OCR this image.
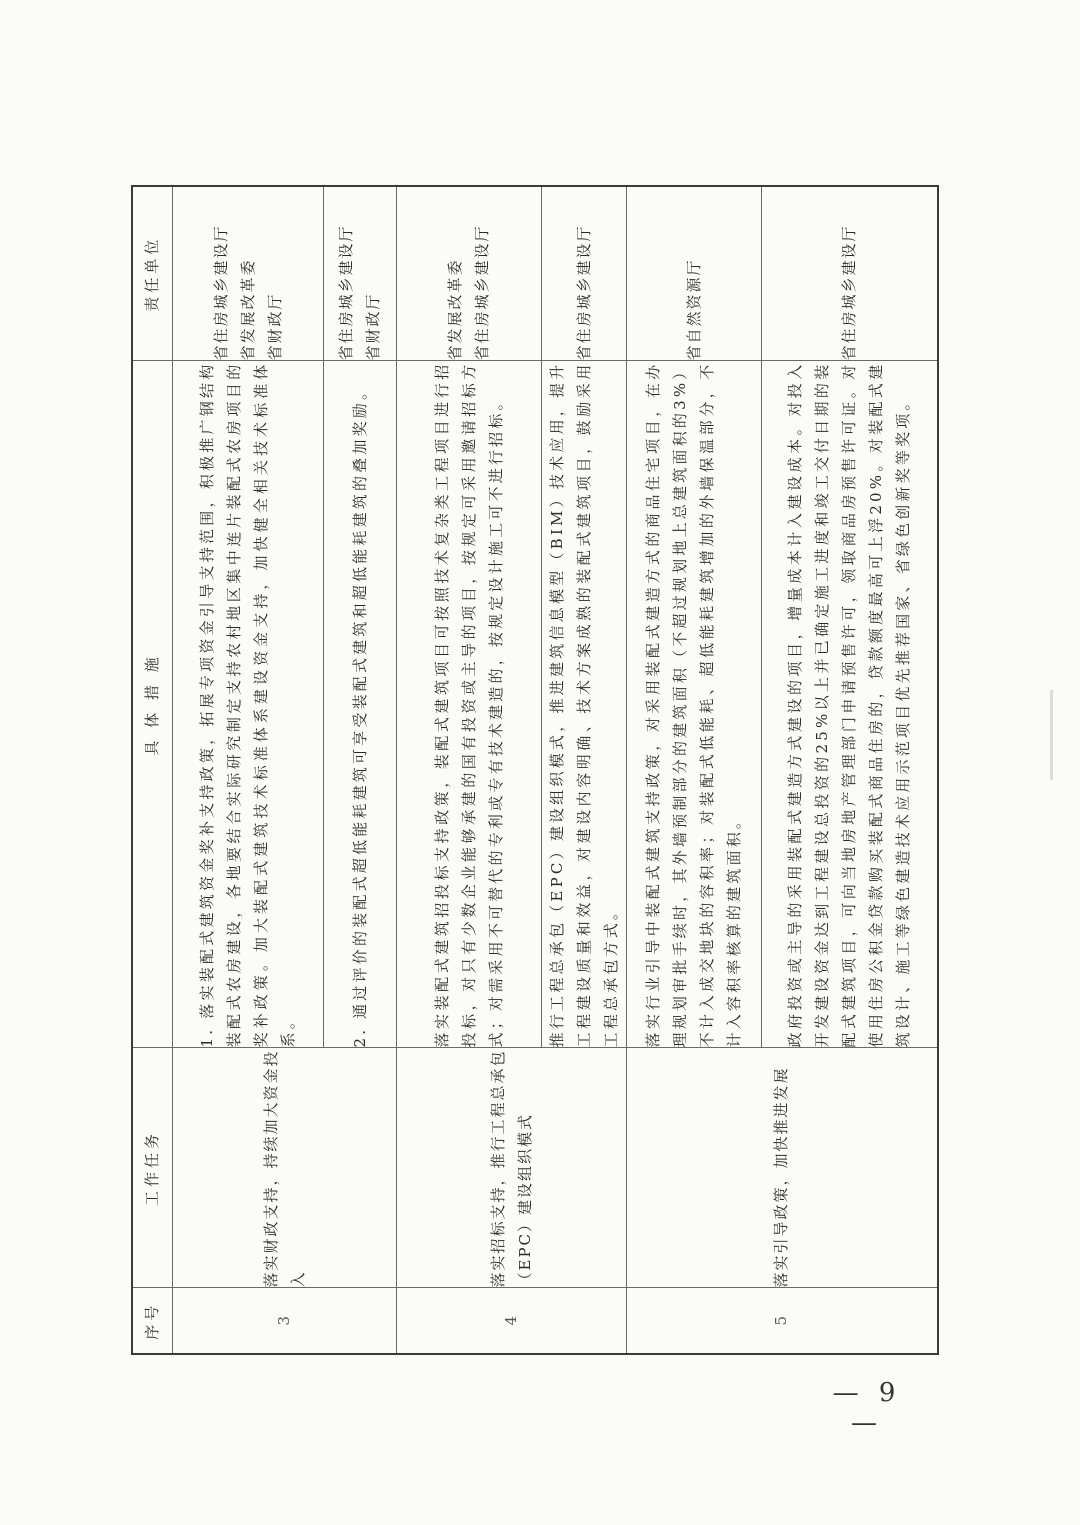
序号	工作任务	具 体 措 施	责任单位
3	落实财政支持，持续加大资金投入	1. 落实装配式建筑资金奖补支持政策，拓展专项资金引导支持范围，积极推广钢结构装配式农房建设，各地要结合实际研究制定支持农村地区集中连片装配式农房项目的奖补政策。加大装配式建筑技术标准体系建设资金支持，加快健全相关技术标准体系。	省住房城乡建设厅 省发展改革委 省财政厅

		2. 通过评价的装配式超低能耗建筑可享受装配式建筑和超低能耗建筑的叠加奖励。	省住房城乡建设厅 省财政厅

4	落实招标支持，推行工程总承包（EPC）建设组织模式	落实装配式建筑招投标支持政策，装配式建筑项目可按照技术复杂类工程项目进行招投标，对只有少数企业能够承建的国有投资或主导的项目，按规定可采用邀请招标方式；对需采用不可替代的专利或专有技术建造的，按规定设计施工可不进行招标。	省发展改革委 省住房城乡建设厅

		推行工程总承包（EPC）建设组织模式，推进建筑信息模型（BIM）技术应用，提升工程建设质量和效益，对建设内容明确、技术方案成熟的装配式建筑项目，鼓励采用工程总承包方式。	省住房城乡建设厅

5	落实引导政策，加快推进发展	落实行业引导中装配式建筑支持政策，对采用装配式建造方式的商品住宅项目，在办理规划审批手续时，其外墙预制部分的建筑面积（不超过规划地上总建筑面积的3%）不计入成交地块的容积率；对装配式低能耗、超低能耗建筑增加的外墙保温部分，不计入容积率核算的建筑面积。	省自然资源厅

		政府投资或主导的采用装配式建造方式建设的项目，增量成本计入建设成本。对投入开发建设资金达到工程建设总投资的25%以上并已确定施工进度和竣工交付日期的装配式建筑项目，可向当地房地产管理部门申请预售许可，领取商品房预售许可证。对使用住房公积金贷款购买装配式商品住房的，贷款额度最高可上浮20%。对装配式建筑设计、施工等绿色建造技术应用示范项目优先推荐国家、省绿色创新奖等奖项。	省住房城乡建设厅
— 9 —
